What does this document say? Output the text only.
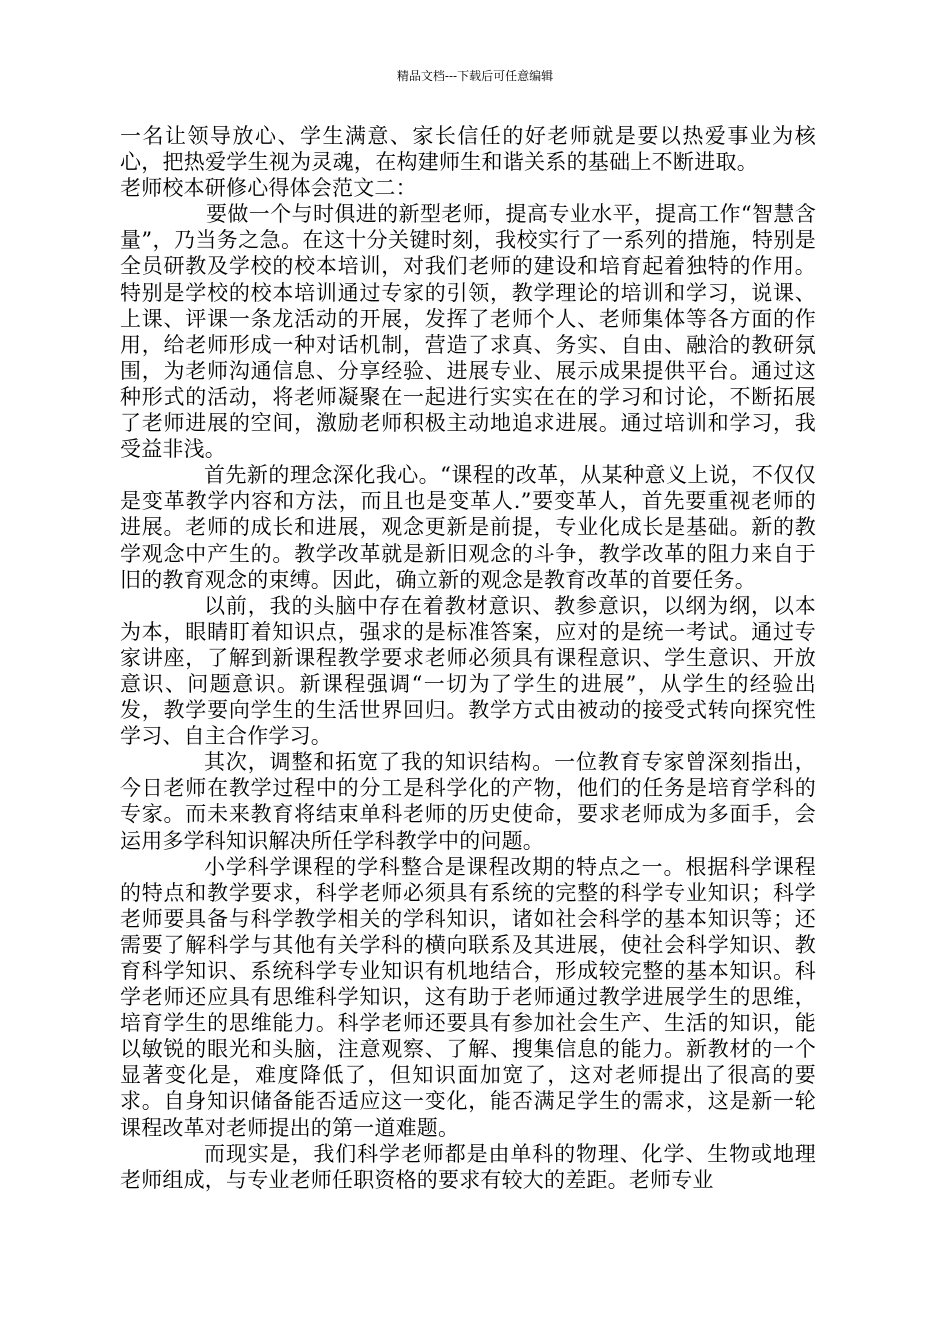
精品文档---下载后可任意编辑

一名让领导放心、学生满意、家长信任的好老师就是要以热爱事业为核心，把热爱学生视为灵魂，在构建师生和谐关系的基础上不断进取。老师校本研修心得体会范文二：

要做一个与时俱进的新型老师，提高专业水平，提高工作“智慧含量”，乃当务之急。在这十分关键时刻，我校实行了一系列的措施，特别是全员研教及学校的校本培训，对我们老师的建设和培育起着独特的作用。特别是学校的校本培训通过专家的引领，教学理论的培训和学习，说课、上课、评课一条龙活动的开展，发挥了老师个人、老师集体等各方面的作用，给老师形成一种对话机制，营造了求真、务实、自由、融洽的教研氛围，为老师沟通信息、分享经验、进展专业、展示成果提供平台。通过这种形式的活动，将老师凝聚在一起进行实实在在的学习和讨论，不断拓展了老师进展的空间，激励老师积极主动地追求进展。通过培训和学习，我受益非浅。

首先新的理念深化我心。“课程的改革，从某种意义上说，不仅仅是变革教学内容和方法，而且也是变革人.”要变革人，首先要重视老师的进展。老师的成长和进展，观念更新是前提，专业化成长是基础。新的教学观念中产生的。教学改革就是新旧观念的斗争，教学改革的阻力来自于旧的教育观念的束缚。因此，确立新的观念是教育改革的首要任务。

以前，我的头脑中存在着教材意识、教参意识，以纲为纲，以本为本，眼睛盯着知识点，强求的是标准答案，应对的是统一考试。通过专家讲座，了解到新课程教学要求老师必须具有课程意识、学生意识、开放意识、问题意识。新课程强调“一切为了学生的进展”，从学生的经验出发，教学要向学生的生活世界回归。教学方式由被动的接受式转向探究性学习、自主合作学习。

其次，调整和拓宽了我的知识结构。一位教育专家曾深刻指出，今日老师在教学过程中的分工是科学化的产物，他们的任务是培育学科的专家。而未来教育将结束单科老师的历史使命，要求老师成为多面手，会运用多学科知识解决所任学科教学中的问题。

小学科学课程的学科整合是课程改期的特点之一。根据科学课程的特点和教学要求，科学老师必须具有系统的完整的科学专业知识；科学老师要具备与科学教学相关的学科知识，诸如社会科学的基本知识等；还需要了解科学与其他有关学科的横向联系及其进展，使社会科学知识、教育科学知识、系统科学专业知识有机地结合，形成较完整的基本知识。科学老师还应具有思维科学知识，这有助于老师通过教学进展学生的思维，培育学生的思维能力。科学老师还要具有参加社会生产、生活的知识，能以敏锐的眼光和头脑，注意观察、了解、搜集信息的能力。新教材的一个显著变化是，难度降低了，但知识面加宽了，这对老师提出了很高的要求。自身知识储备能否适应这一变化，能否满足学生的需求，这是新一轮课程改革对老师提出的第一道难题。

而现实是，我们科学老师都是由单科的物理、化学、生物或地理老师组成，与专业老师任职资格的要求有较大的差距。老师专业
